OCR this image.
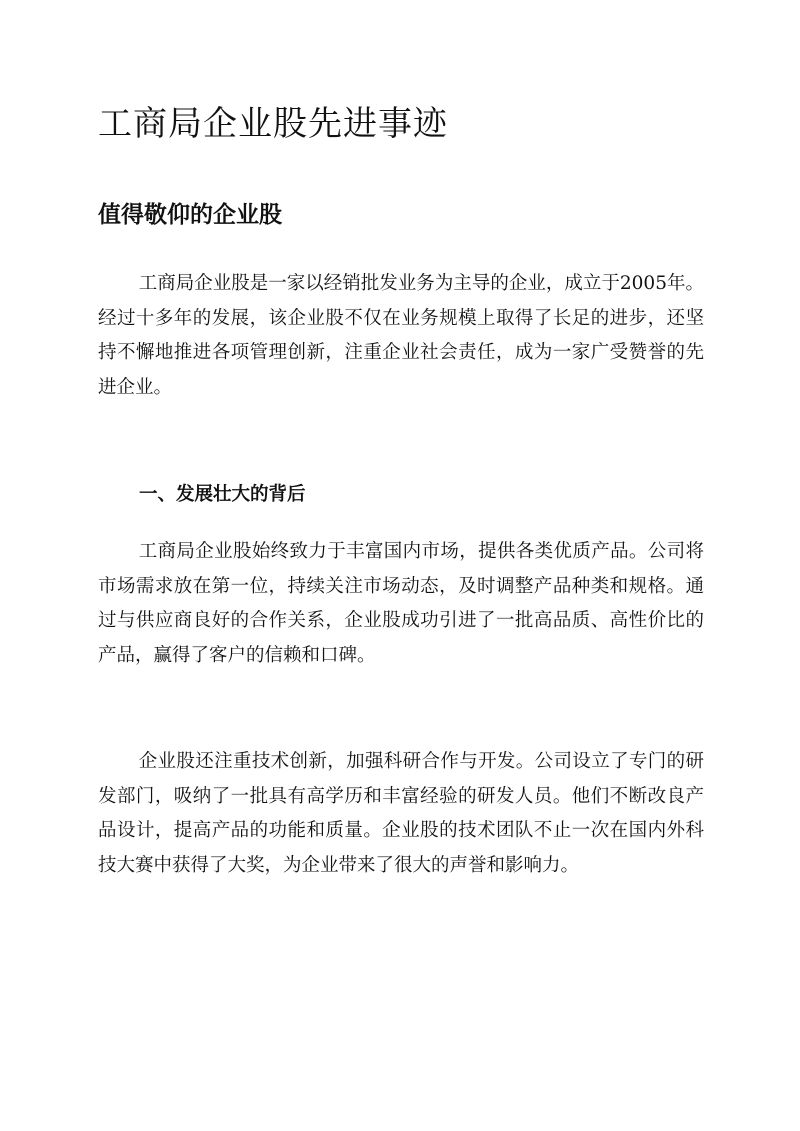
工商局企业股先进事迹
值得敬仰的企业股

工商局企业股是一家以经销批发业务为主导的企业，成立于2005年。经过十多年的发展，该企业股不仅在业务规模上取得了长足的进步，还坚持不懈地推进各项管理创新，注重企业社会责任，成为一家广受赞誉的先进企业。

一、发展壮大的背后

工商局企业股始终致力于丰富国内市场，提供各类优质产品。公司将市场需求放在第一位，持续关注市场动态，及时调整产品种类和规格。通过与供应商良好的合作关系，企业股成功引进了一批高品质、高性价比的产品，赢得了客户的信赖和口碑。

企业股还注重技术创新，加强科研合作与开发。公司设立了专门的研发部门，吸纳了一批具有高学历和丰富经验的研发人员。他们不断改良产品设计，提高产品的功能和质量。企业股的技术团队不止一次在国内外科技大赛中获得了大奖，为企业带来了很大的声誉和影响力。
